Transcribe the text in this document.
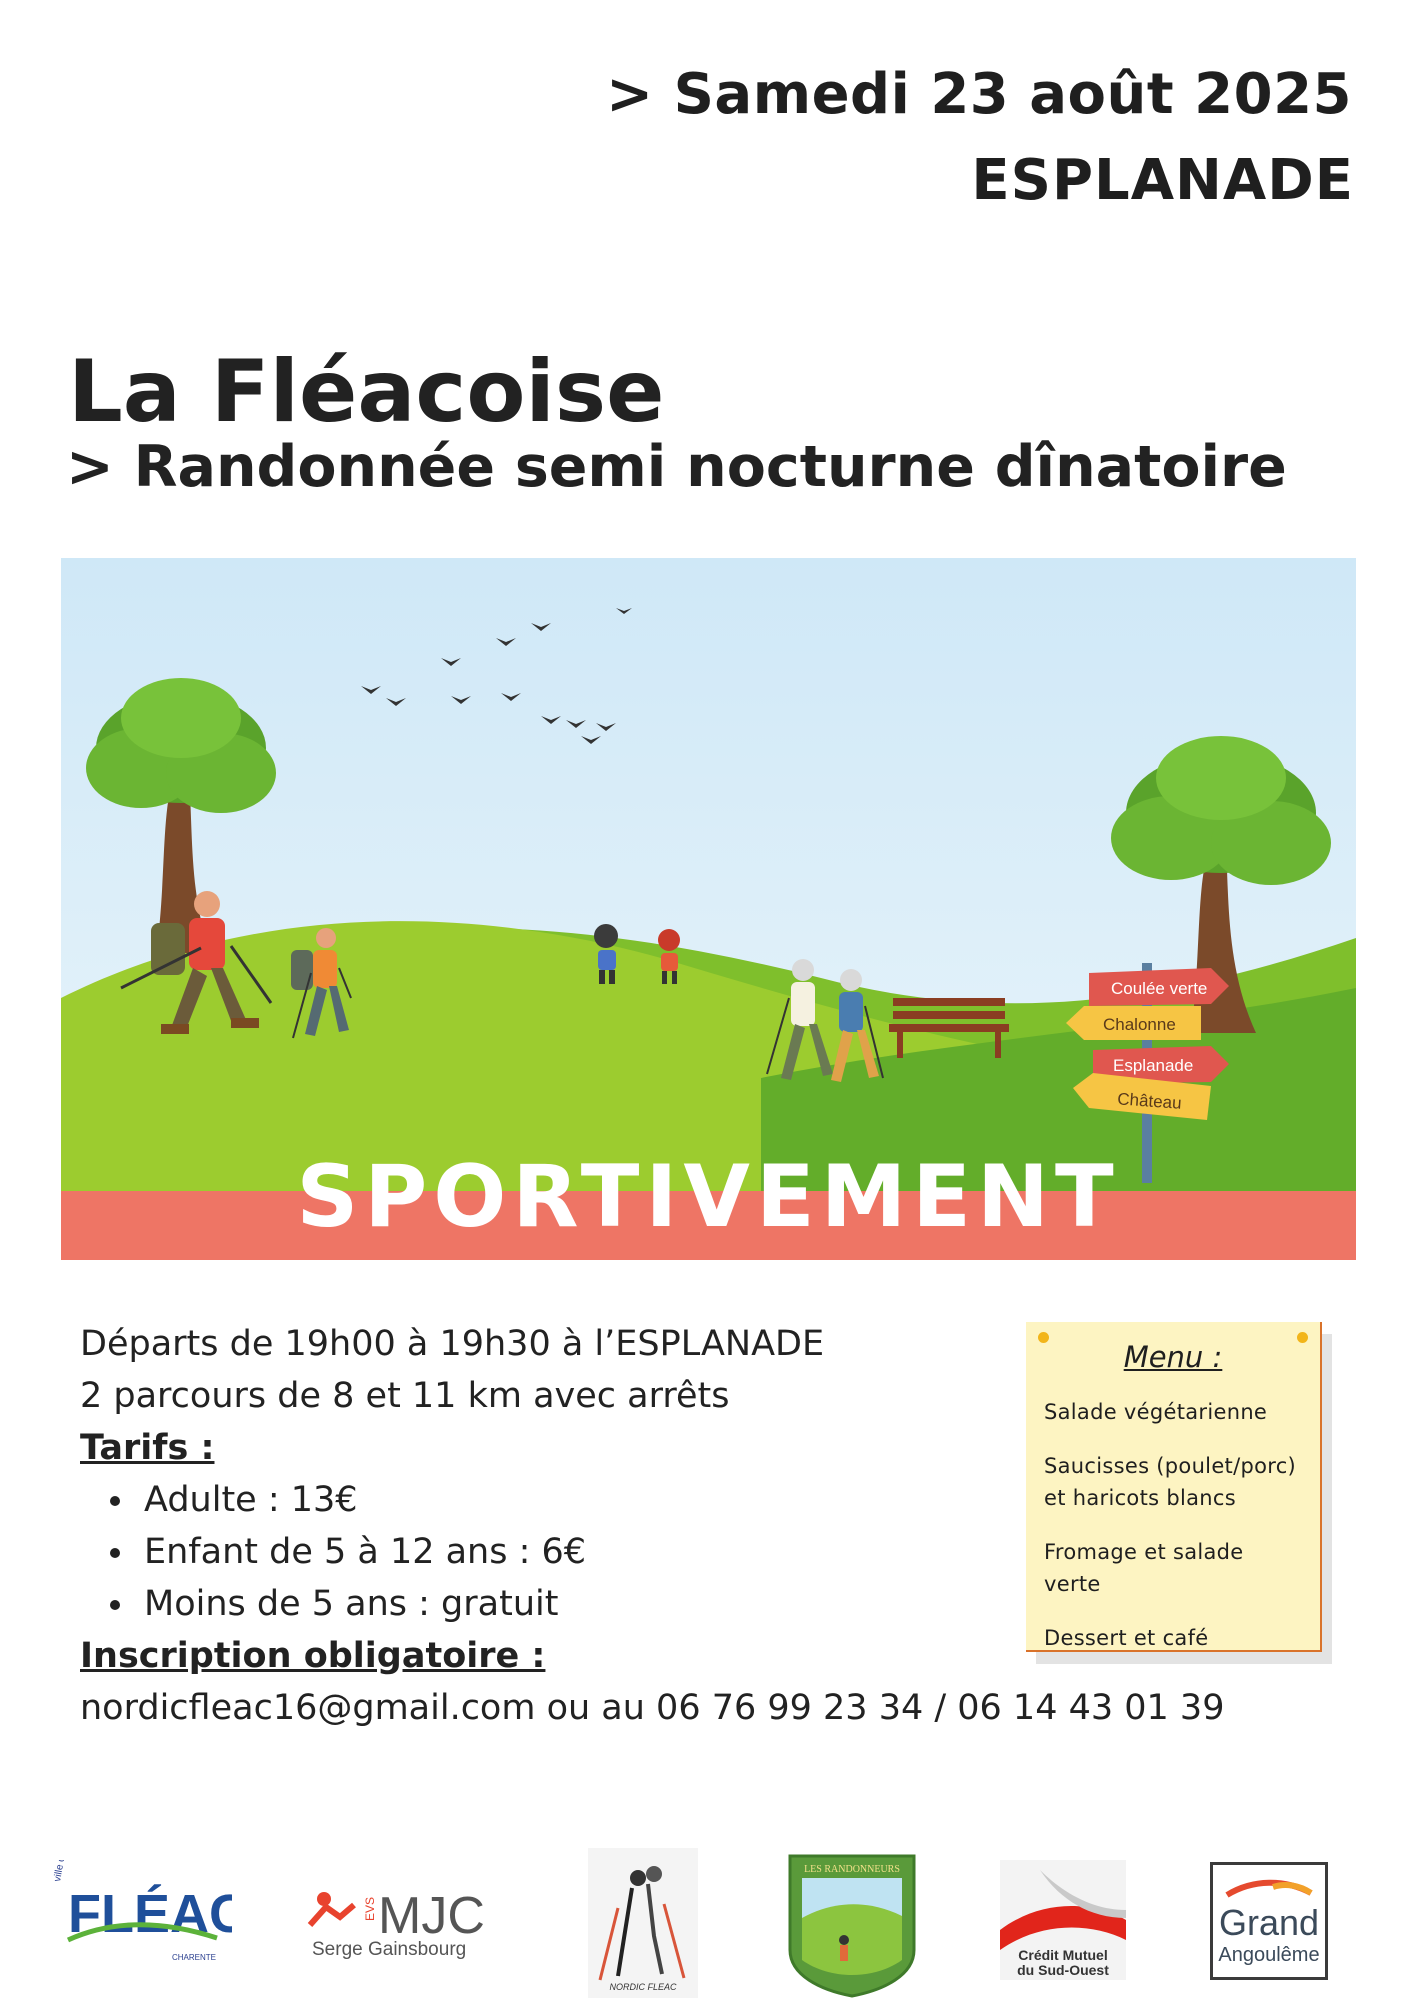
> Samedi 23 août 2025
ESPLANADE
La Fléacoise
> Randonnée semi nocturne dînatoire
Coulée verte
Chalonne
Esplanade
Château
SPORTIVEMENT
Départs de 19h00 à 19h30 à l’ESPLANADE
2 parcours de 8 et 11 km avec arrêts
Tarifs :
Adulte : 13€
Enfant de 5 à 12 ans : 6€
Moins de 5 ans : gratuit
Inscription obligatoire :
nordicfleac16@gmail.com ou au 06 76 99 23 34 / 06 14 43 01 39
Menu :
Salade végétarienne
Saucisses (poulet/porc) et haricots blancs
Fromage et salade verte
Dessert et café
ville de
FLÉAC
CHARENTE
EVS MJC
Serge Gainsbourg
NORDIC FLEAC
LES RANDONNEURS
Crédit Mutuel
du Sud-Ouest
Grand
Angoulême
